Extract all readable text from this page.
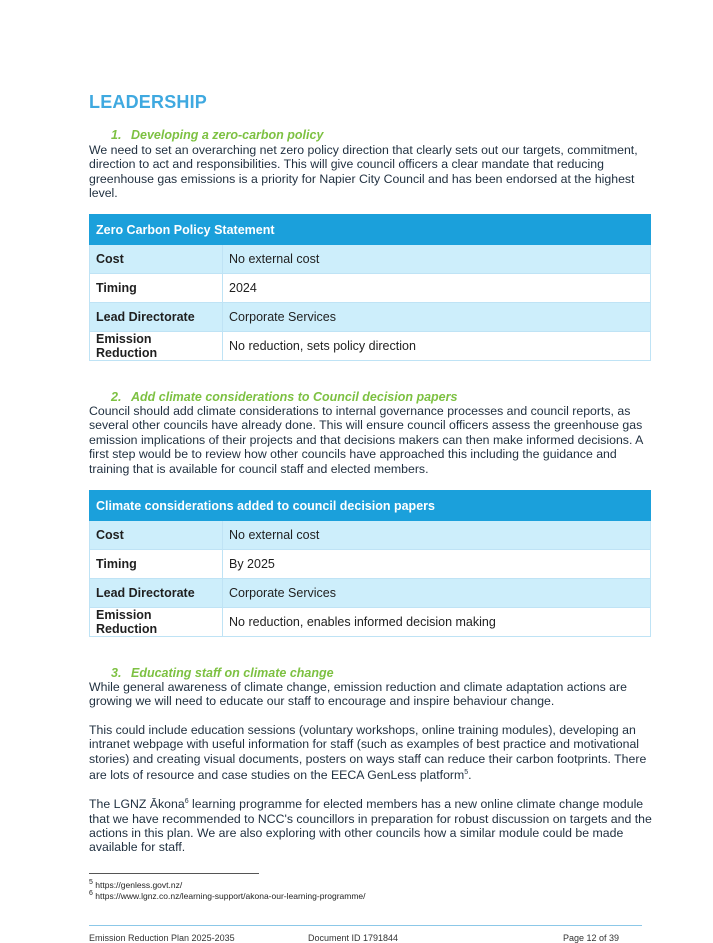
LEADERSHIP
1. Developing a zero-carbon policy

We need to set an overarching net zero policy direction that clearly sets out our targets, commitment, direction to act and responsibilities. This will give council officers a clear mandate that reducing greenhouse gas emissions is a priority for Napier City Council and has been endorsed at the highest level.

Zero Carbon Policy Statement	
Cost	No external cost
Timing	2024
Lead Directorate	Corporate Services
Emission Reduction	No reduction, sets policy direction
2. Add climate considerations to Council decision papers

Council should add climate considerations to internal governance processes and council reports, as several other councils have already done. This will ensure council officers assess the greenhouse gas emission implications of their projects and that decisions makers can then make informed decisions. A first step would be to review how other councils have approached this including the guidance and training that is available for council staff and elected members.

Climate considerations added to council decision papers	
Cost	No external cost
Timing	By 2025
Lead Directorate	Corporate Services
Emission Reduction	No reduction, enables informed decision making
3. Educating staff on climate change

While general awareness of climate change, emission reduction and climate adaptation actions are growing we will need to educate our staff to encourage and inspire behaviour change.

This could include education sessions (voluntary workshops, online training modules), developing an intranet webpage with useful information for staff (such as examples of best practice and motivational stories) and creating visual documents, posters on ways staff can reduce their carbon footprints. There are lots of resource and case studies on the EECA GenLess platform$^5$.

The LGNZ Ākona$^6$ learning programme for elected members has a new online climate change module that we have recommended to NCC's councillors in preparation for robust discussion on targets and the actions in this plan. We are also exploring with other councils how a similar module could be made available for staff.

$^5$ https://genless.govt.nz/
$^6$ https://www.lgnz.co.nz/learning-support/akona-our-learning-programme/
Emission Reduction Plan 2025-2035	Document ID 1791844	Page 12 of 39
